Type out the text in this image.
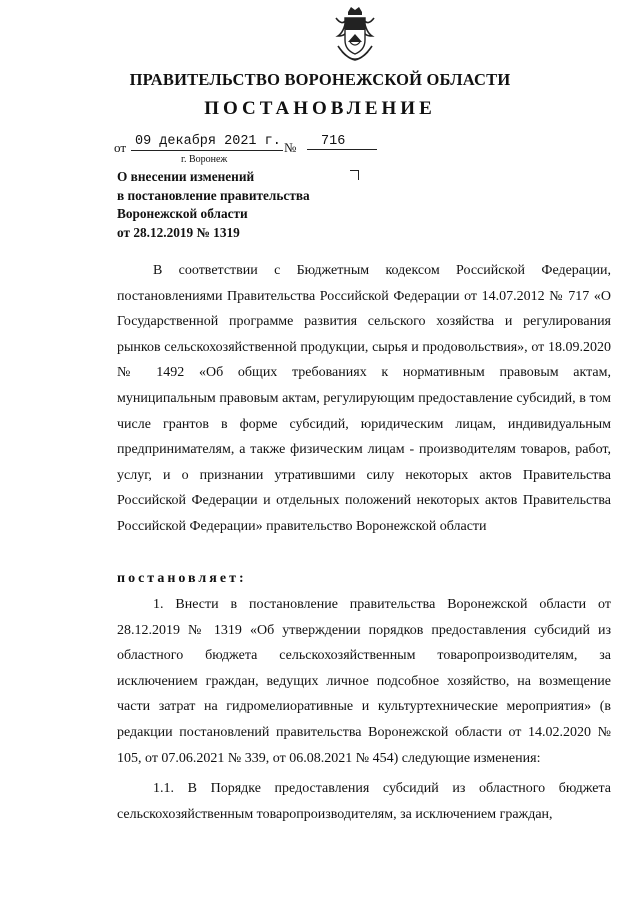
ПРАВИТЕЛЬСТВО ВОРОНЕЖСКОЙ ОБЛАСТИ
ПОСТАНОВЛЕНИЕ
от 09 декабря 2021 г. №	716
г. Воронеж
О внесении изменений
в постановление правительства
Воронежской области
от 28.12.2019 № 1319
В соответствии с Бюджетным кодексом Российской Федерации, постановлениями Правительства Российской Федерации от 14.07.2012 № 717 «О Государственной программе развития сельского хозяйства и регулирования рынков сельскохозяйственной продукции, сырья и продовольствия», от 18.09.2020 № 1492 «Об общих требованиях к нормативным правовым актам, муниципальным правовым актам, регулирующим предоставление субсидий, в том числе грантов в форме субсидий, юридическим лицам, индивидуальным предпринимателям, а также физическим лицам - производителям товаров, работ, услуг, и о признании утратившими силу некоторых актов Правительства Российской Федерации и отдельных положений некоторых актов Правительства Российской Федерации» правительство Воронежской области
постановляет:
1. Внести в постановление правительства Воронежской области от 28.12.2019 № 1319 «Об утверждении порядков предоставления субсидий из областного бюджета сельскохозяйственным товаропроизводителям, за исключением граждан, ведущих личное подсобное хозяйство, на возмещение части затрат на гидромелиоративные и культуртехнические мероприятия» (в редакции постановлений правительства Воронежской области от 14.02.2020 № 105, от 07.06.2021 № 339, от 06.08.2021 № 454) следующие изменения:
1.1. В Порядке предоставления субсидий из областного бюджета сельскохозяйственным товаропроизводителям, за исключением граждан,
